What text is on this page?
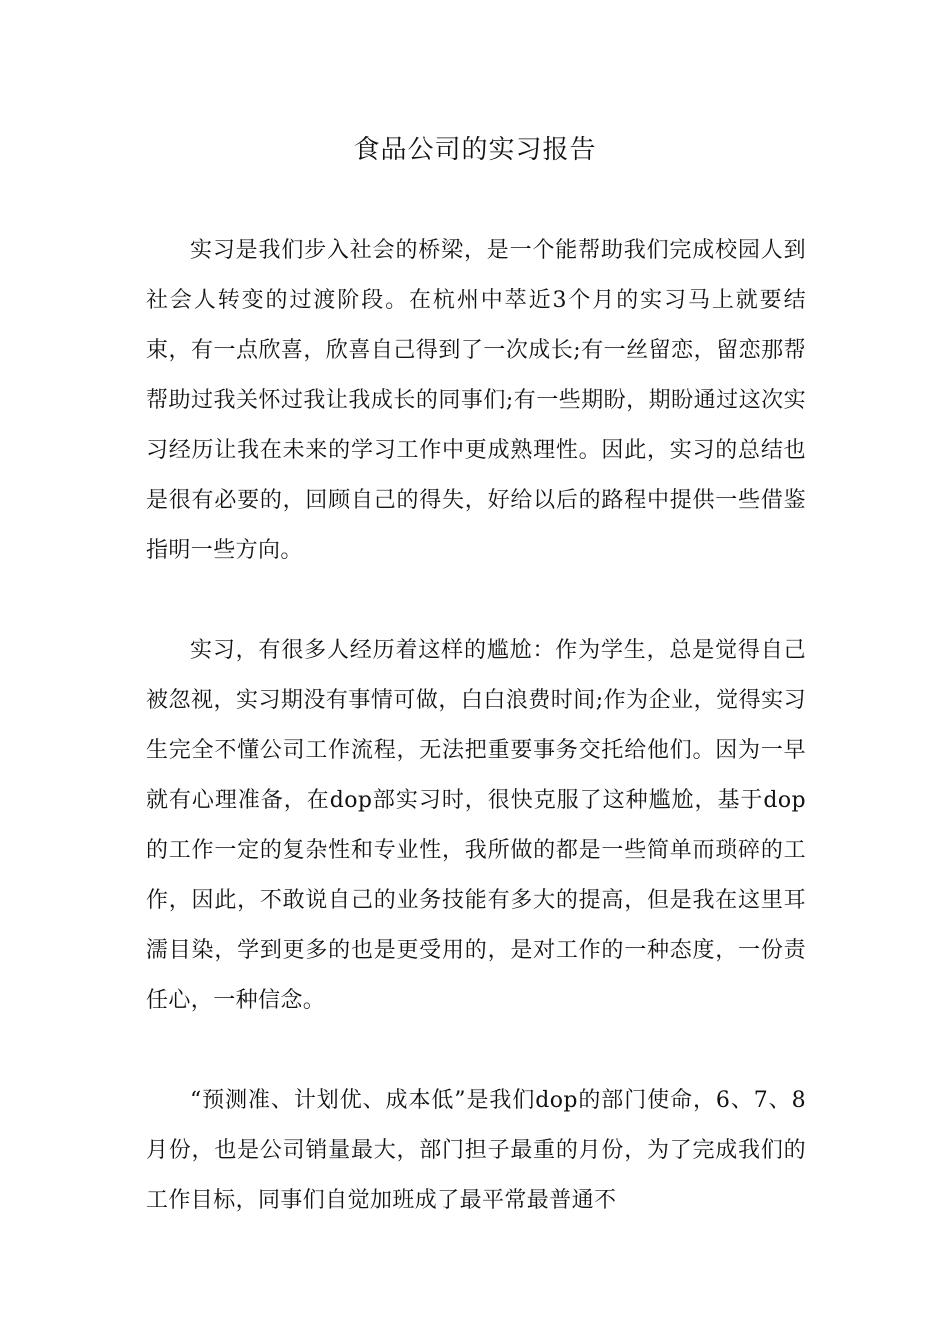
食品公司的实习报告

实习是我们步入社会的桥梁，是一个能帮助我们完成校园人到社会人转变的过渡阶段。在杭州中萃近3个月的实习马上就要结束，有一点欣喜，欣喜自己得到了一次成长;有一丝留恋，留恋那帮帮助过我关怀过我让我成长的同事们;有一些期盼，期盼通过这次实习经历让我在未来的学习工作中更成熟理性。因此，实习的总结也是很有必要的，回顾自己的得失，好给以后的路程中提供一些借鉴指明一些方向。

实习，有很多人经历着这样的尴尬：作为学生，总是觉得自己被忽视，实习期没有事情可做，白白浪费时间;作为企业，觉得实习生完全不懂公司工作流程，无法把重要事务交托给他们。因为一早就有心理准备，在dop部实习时，很快克服了这种尴尬，基于dop的工作一定的复杂性和专业性，我所做的都是一些简单而琐碎的工作，因此，不敢说自己的业务技能有多大的提高，但是我在这里耳濡目染，学到更多的也是更受用的，是对工作的一种态度，一份责任心，一种信念。

“预测准、计划优、成本低”是我们dop的部门使命，6、7、8月份，也是公司销量最大，部门担子最重的月份，为了完成我们的工作目标，同事们自觉加班成了最平常最普通不
